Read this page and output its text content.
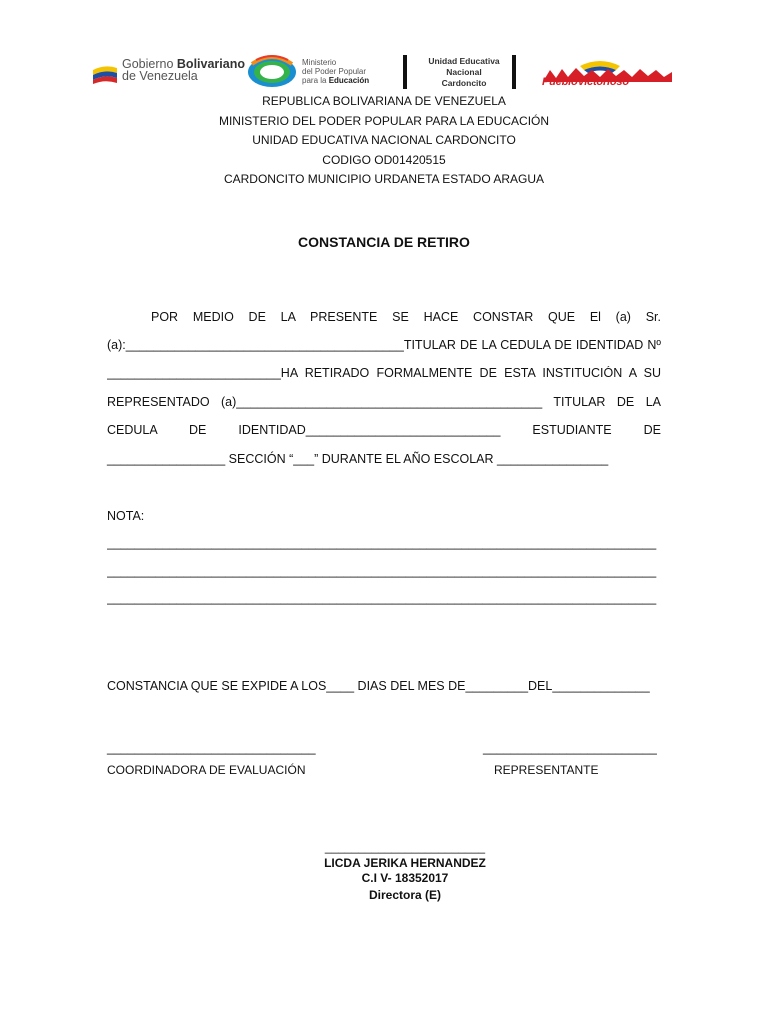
Gobierno Bolivariano
de Venezuela
Ministerio
del Poder Popular
para la Educación
Unidad Educativa
Nacional
Cardoncito	PuebloVictorioso
REPUBLICA BOLIVARIANA DE VENEZUELA
MINISTERIO DEL PODER POPULAR PARA LA EDUCACIÓN
UNIDAD EDUCATIVA NACIONAL CARDONCITO
CODIGO OD01420515
CARDONCITO MUNICIPIO URDANETA ESTADO ARAGUA
CONSTANCIA DE RETIRO
POR MEDIO DE LA PRESENTE SE HACE CONSTAR QUE El (a) Sr.
(a):________________________________________TITULAR DE LA CEDULA DE IDENTIDAD Nº
_________________________HA RETIRADO FORMALMENTE DE ESTA INSTITUCIÓN A SU
REPRESENTADO (a)____________________________________________ TITULAR DE LA
CEDULA DE IDENTIDAD____________________________ ESTUDIANTE DE
_________________ SECCIÓN “___” DURANTE EL AÑO ESCOLAR ________________
NOTA:
_______________________________________________________________________________
_______________________________________________________________________________
_______________________________________________________________________________
CONSTANCIA QUE SE EXPIDE A LOS____ DIAS DEL MES DE_________DEL______________
______________________________
COORDINADORA DE EVALUACIÓN
_________________________
REPRESENTANTE
________________________
LICDA JERIKA HERNANDEZ
C.I V- 18352017
Directora (E)
